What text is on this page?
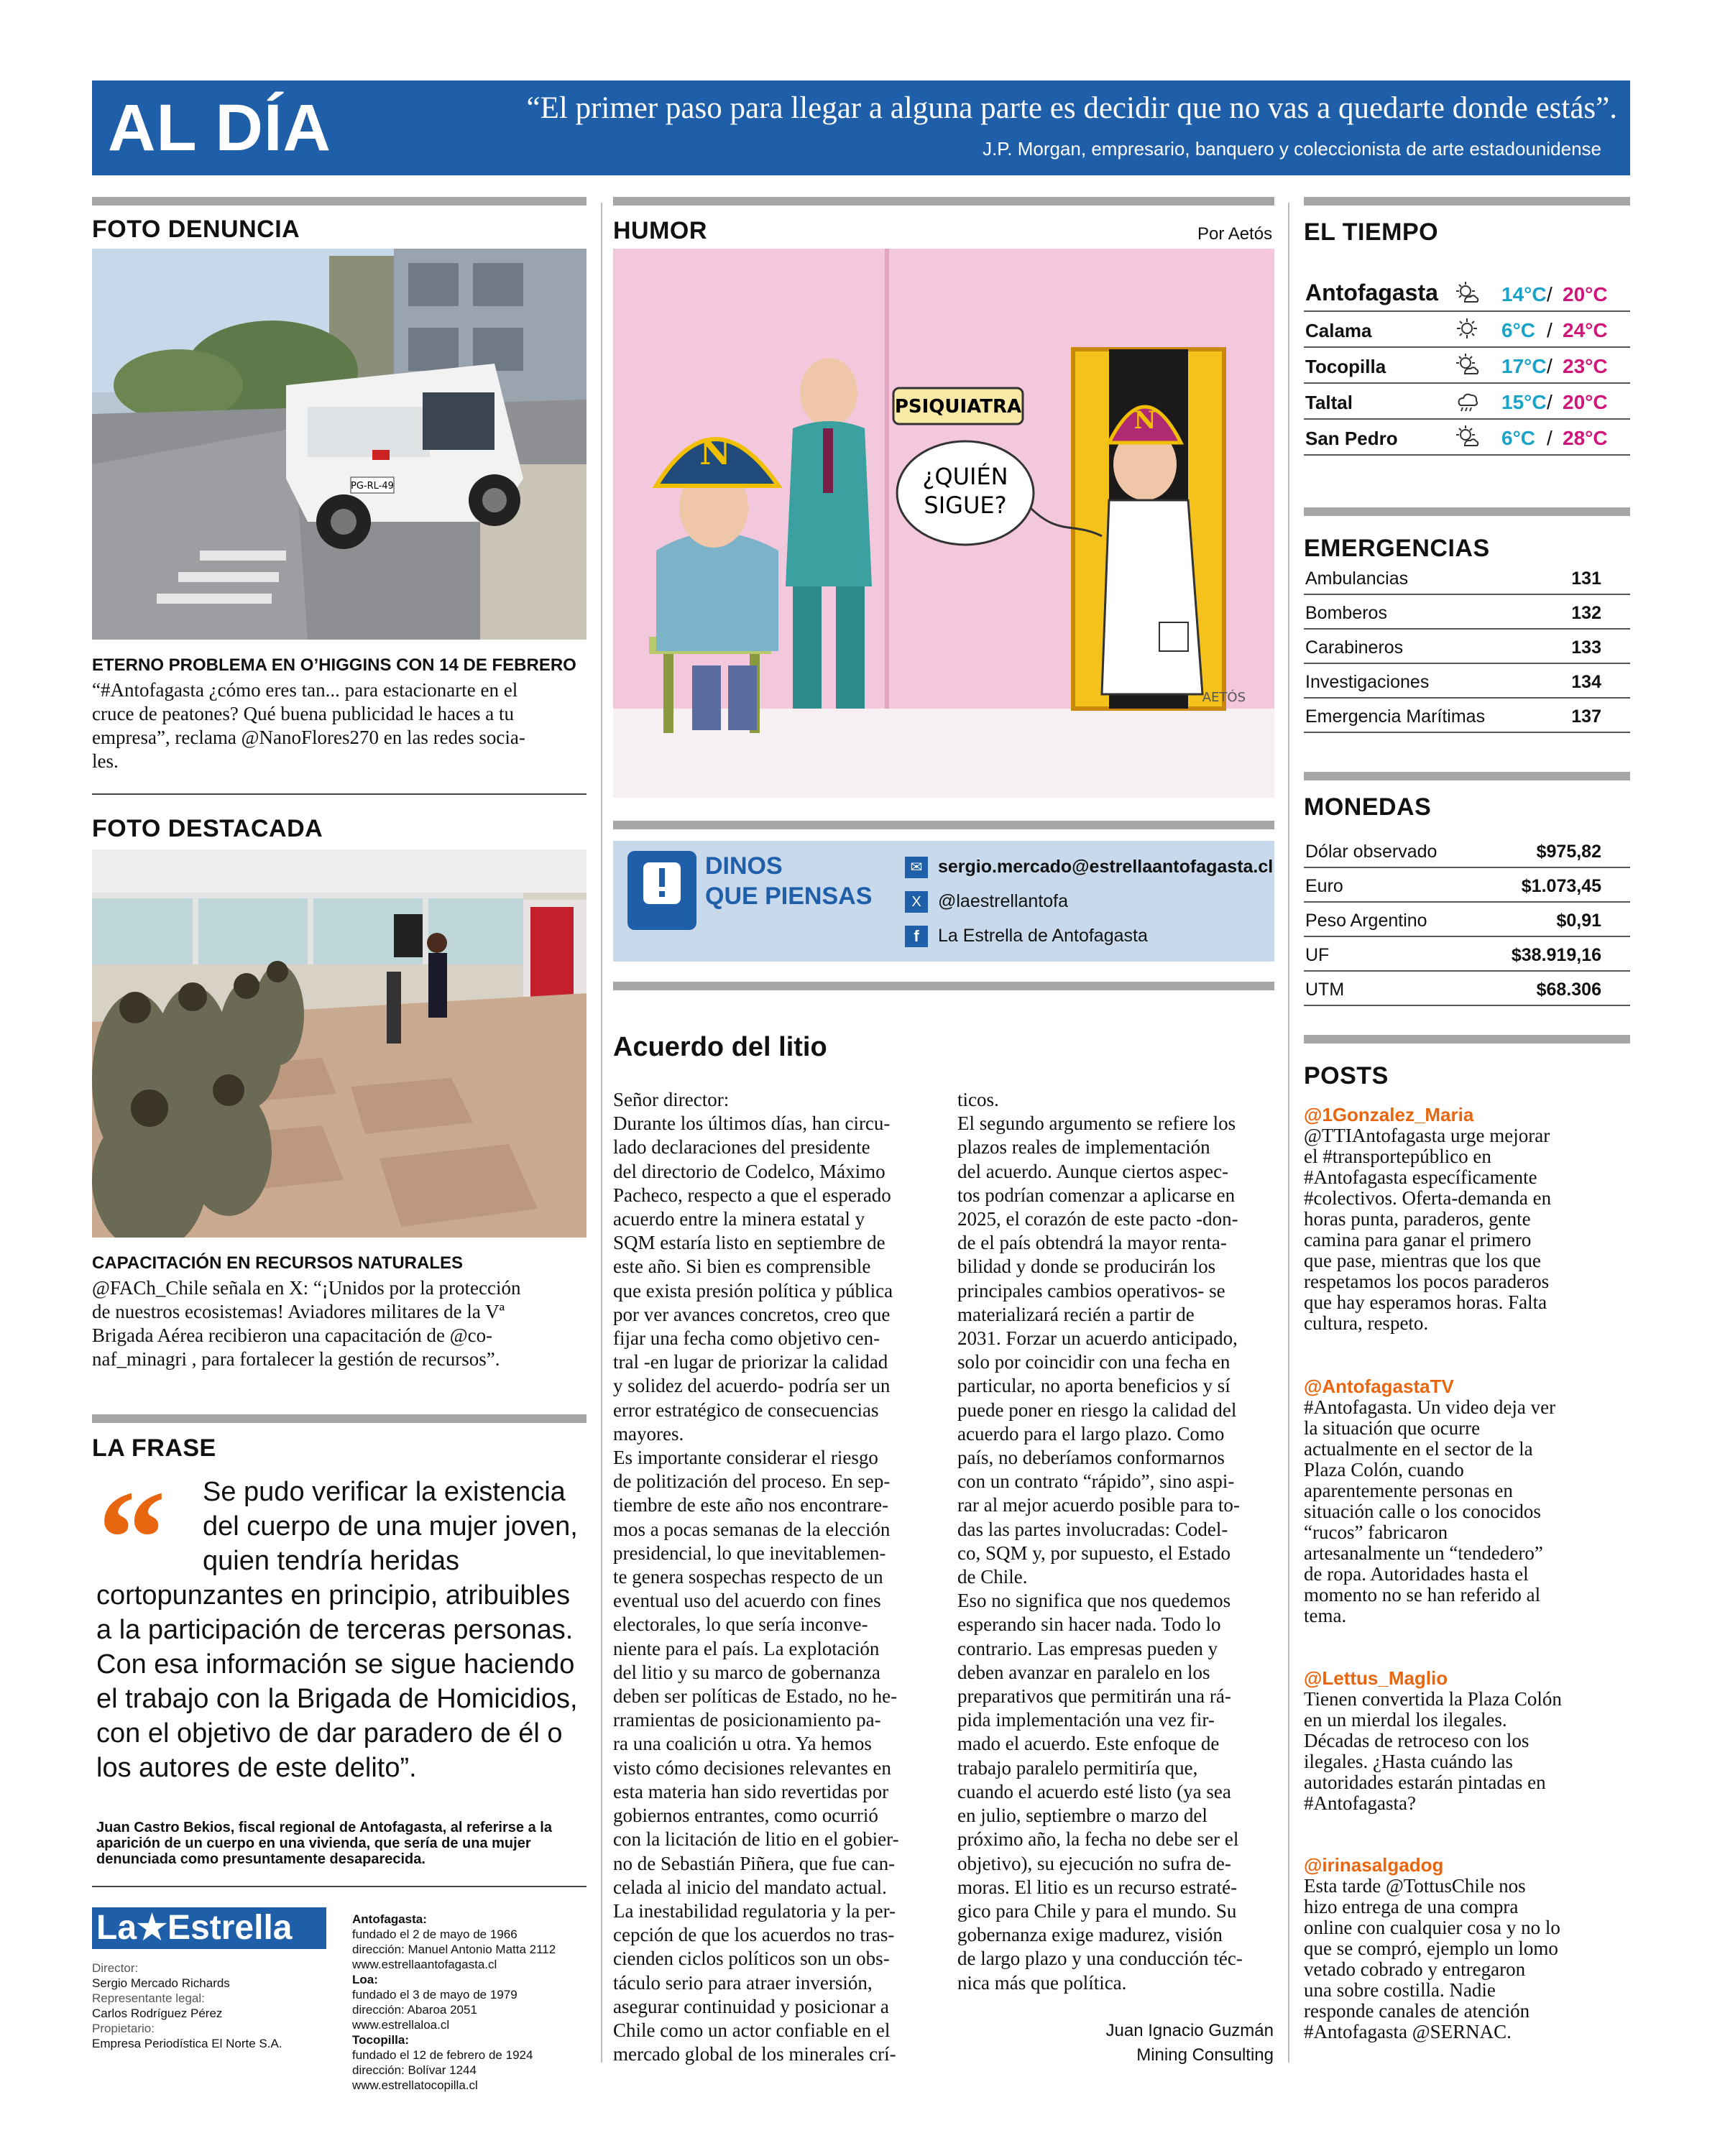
AL DÍA	“El primer paso para llegar a alguna parte es decidir que no vas a quedarte donde estás”.
J.P. Morgan, empresario, banquero y coleccionista de arte estadounidense
FOTO DENUNCIA
PG-RL-49
ETERNO PROBLEMA EN O’HIGGINS CON 14 DE FEBRERO
“#Antofagasta ¿cómo eres tan... para estacionarte en el
cruce de peatones? Qué buena publicidad le haces a tu
empresa”, reclama @NanoFlores270 en las redes socia-
les.
FOTO DESTACADA
CAPACITACIÓN EN RECURSOS NATURALES
@FACh_Chile señala en X: “¡Unidos por la protección
de nuestros ecosistemas! Aviadores militares de la Vª
Brigada Aérea recibieron una capacitación de @co-
naf_minagri , para fortalecer la gestión de recursos”.
LA FRASE
“ Se pudo verificar la existencia
del cuerpo de una mujer joven,
quien tendría heridas
cortopunzantes en principio, atribuibles
a la participación de terceras personas.
Con esa información se sigue haciendo
el trabajo con la Brigada de Homicidios,
con el objetivo de dar paradero de él o
los autores de este delito”.
Juan Castro Bekios, fiscal regional de Antofagasta, al referirse a la
aparición de un cuerpo en una vivienda, que sería de una mujer
denunciada como presuntamente desaparecida.
La★Estrella
Director:
Sergio Mercado Richards
Representante legal:
Carlos Rodríguez Pérez
Propietario:
Empresa Periodística El Norte S.A.
Antofagasta:
fundado el 2 de mayo de 1966
dirección: Manuel Antonio Matta 2112
www.estrellaantofagasta.cl
Loa:
fundado el 3 de mayo de 1979
dirección: Abaroa 2051
www.estrellaloa.cl
Tocopilla:
fundado el 12 de febrero de 1924
dirección: Bolívar 1244
www.estrellatocopilla.cl
HUMOR	Por Aetós
PSIQUIATRA
¿QUIÉN
SIGUE?
N
N
AETÓS
DINOS
QUE PIENSAS
✉ sergio.mercado@estrellaantofagasta.cl
X @laestrellantofa
f	La Estrella de Antofagasta
Acuerdo del litio
Señor director:
Durante los últimos días, han circu-
lado declaraciones del presidente
del directorio de Codelco, Máximo
Pacheco, respecto a que el esperado
acuerdo entre la minera estatal y
SQM estaría listo en septiembre de
este año. Si bien es comprensible
que exista presión política y pública
por ver avances concretos, creo que
fijar una fecha como objetivo cen-
tral -en lugar de priorizar la calidad
y solidez del acuerdo- podría ser un
error estratégico de consecuencias
mayores.
Es importante considerar el riesgo
de politización del proceso. En sep-
tiembre de este año nos encontrare-
mos a pocas semanas de la elección
presidencial, lo que inevitablemen-
te genera sospechas respecto de un
eventual uso del acuerdo con fines
electorales, lo que sería inconve-
niente para el país. La explotación
del litio y su marco de gobernanza
deben ser políticas de Estado, no he-
rramientas de posicionamiento pa-
ra una coalición u otra. Ya hemos
visto cómo decisiones relevantes en
esta materia han sido revertidas por
gobiernos entrantes, como ocurrió
con la licitación de litio en el gobier-
no de Sebastián Piñera, que fue can-
celada al inicio del mandato actual.
La inestabilidad regulatoria y la per-
cepción de que los acuerdos no tras-
cienden ciclos políticos son un obs-
táculo serio para atraer inversión,
asegurar continuidad y posicionar a
Chile como un actor confiable en el
mercado global de los minerales crí-
ticos.
El segundo argumento se refiere los
plazos reales de implementación
del acuerdo. Aunque ciertos aspec-
tos podrían comenzar a aplicarse en
2025, el corazón de este pacto -don-
de el país obtendrá la mayor renta-
bilidad y donde se producirán los
principales cambios operativos- se
materializará recién a partir de
2031. Forzar un acuerdo anticipado,
solo por coincidir con una fecha en
particular, no aporta beneficios y sí
puede poner en riesgo la calidad del
acuerdo para el largo plazo. Como
país, no deberíamos conformarnos
con un contrato “rápido”, sino aspi-
rar al mejor acuerdo posible para to-
das las partes involucradas: Codel-
co, SQM y, por supuesto, el Estado
de Chile.
Eso no significa que nos quedemos
esperando sin hacer nada. Todo lo
contrario. Las empresas pueden y
deben avanzar en paralelo en los
preparativos que permitirán una rá-
pida implementación una vez fir-
mado el acuerdo. Este enfoque de
trabajo paralelo permitiría que,
cuando el acuerdo esté listo (ya sea
en julio, septiembre o marzo del
próximo año, la fecha no debe ser el
objetivo), su ejecución no sufra de-
moras. El litio es un recurso estraté-
gico para Chile y para el mundo. Su
gobernanza exige madurez, visión
de largo plazo y una conducción téc-
nica más que política.
Juan Ignacio Guzmán
Mining Consulting
EL TIEMPO
Antofagasta	14°C / 20°C
Calama	6°C / 24°C
Tocopilla	17°C / 23°C
Taltal	15°C / 20°C
San Pedro	6°C / 28°C
EMERGENCIAS
Ambulancias	131
Bomberos	132
Carabineros	133
Investigaciones	134
Emergencia Marítimas	137
MONEDAS
Dólar observado	$975,82
Euro	$1.073,45
Peso Argentino	$0,91
UF	$38.919,16
UTM	$68.306
POSTS
@1Gonzalez_Maria
@TTIAntofagasta urge mejorar
el #transportepúblico en
#Antofagasta específicamente
#colectivos. Oferta-demanda en
horas punta, paraderos, gente
camina para ganar el primero
que pase, mientras que los que
respetamos los pocos paraderos
que hay esperamos horas. Falta
cultura, respeto.
@AntofagastaTV
#Antofagasta. Un video deja ver
la situación que ocurre
actualmente en el sector de la
Plaza Colón, cuando
aparentemente personas en
situación calle o los conocidos
“rucos” fabricaron
artesanalmente un “tendedero”
de ropa. Autoridades hasta el
momento no se han referido al
tema.
@Lettus_Maglio
Tienen convertida la Plaza Colón
en un mierdal los ilegales.
Décadas de retroceso con los
ilegales. ¿Hasta cuándo las
autoridades estarán pintadas en
#Antofagasta?
@irinasalgadog
Esta tarde @TottusChile nos
hizo entrega de una compra
online con cualquier cosa y no lo
que se compró, ejemplo un lomo
vetado cobrado y entregaron
una sobre costilla. Nadie
responde canales de atención
#Antofagasta @SERNAC.
